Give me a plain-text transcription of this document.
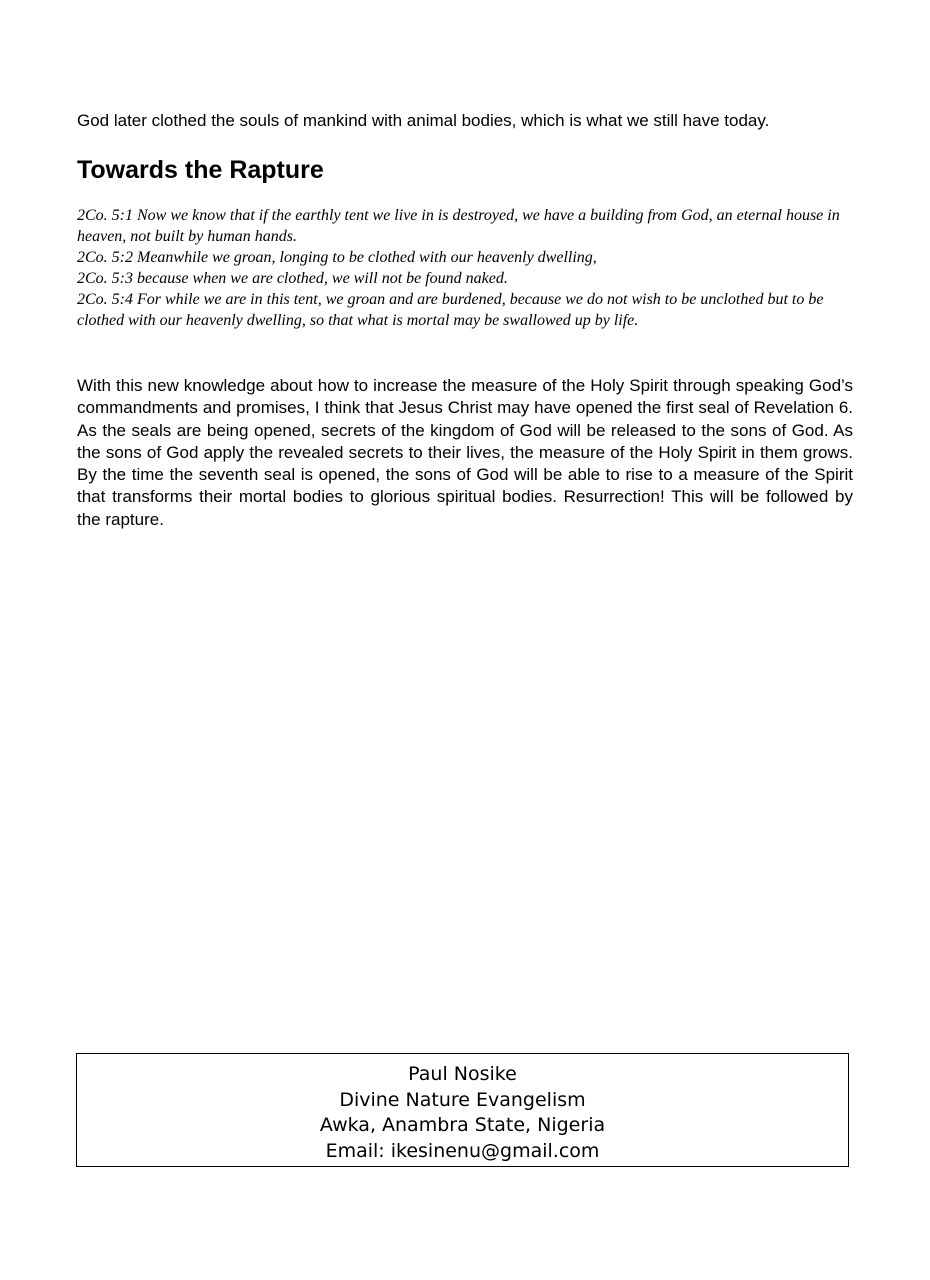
God later clothed the souls of mankind with animal bodies, which is what we still have today.

Towards the Rapture

2Co. 5:1 Now we know that if the earthly tent we live in is destroyed, we have a building from God, an eternal house in heaven, not built by human hands.

2Co. 5:2 Meanwhile we groan, longing to be clothed with our heavenly dwelling,

2Co. 5:3 because when we are clothed, we will not be found naked.

2Co. 5:4 For while we are in this tent, we groan and are burdened, because we do not wish to be unclothed but to be clothed with our heavenly dwelling, so that what is mortal may be swallowed up by life.

With this new knowledge about how to increase the measure of the Holy Spirit through speaking God’s commandments and promises, I think that Jesus Christ may have opened the first seal of Revelation 6. As the seals are being opened, secrets of the kingdom of God will be released to the sons of God. As the sons of God apply the revealed secrets to their lives, the measure of the Holy Spirit in them grows. By the time the seventh seal is opened, the sons of God will be able to rise to a measure of the Spirit that transforms their mortal bodies to glorious spiritual bodies. Resurrection! This will be followed by the rapture.

Paul Nosike
Divine Nature Evangelism
Awka, Anambra State, Nigeria
Email: ikesinenu@gmail.com
